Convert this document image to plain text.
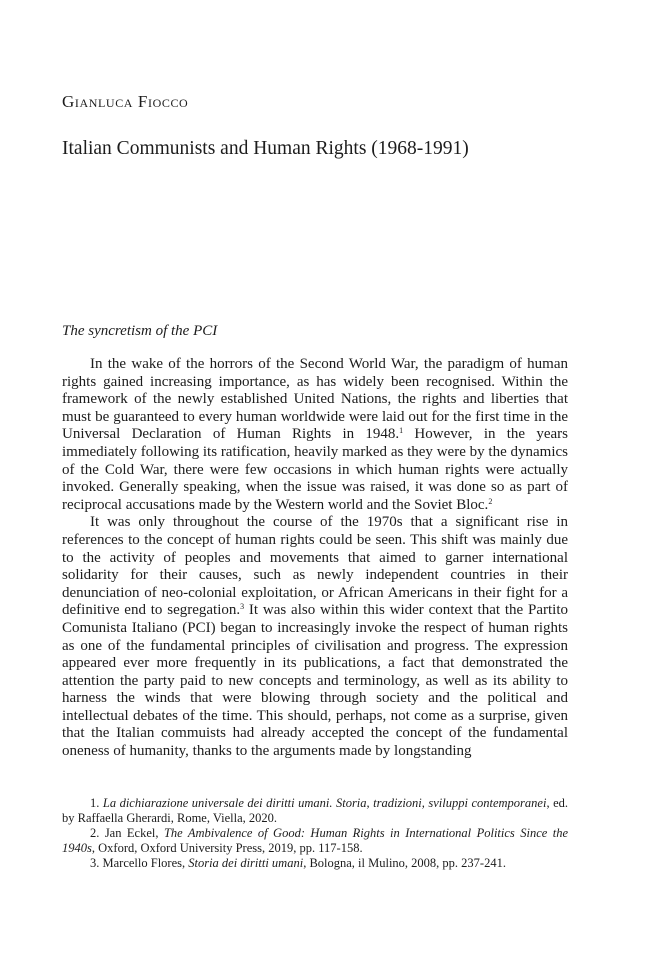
Gianluca Fiocco
Italian Communists and Human Rights (1968-1991)
The syncretism of the PCI

In the wake of the horrors of the Second World War, the paradigm of human rights gained increasing importance, as has widely been recognised. Within the framework of the newly established United Nations, the rights and liberties that must be guaranteed to every human worldwide were laid out for the first time in the Universal Declaration of Human Rights in 1948.$^1$ However, in the years immediately following its ratification, heavily marked as they were by the dynamics of the Cold War, there were few occasions in which human rights were actually invoked. Generally speaking, when the issue was raised, it was done so as part of reciprocal accusations made by the Western world and the Soviet Bloc.$^2$

It was only throughout the course of the 1970s that a significant rise in references to the concept of human rights could be seen. This shift was mainly due to the activity of peoples and movements that aimed to garner international solidarity for their causes, such as newly independent countries in their denunciation of neo-colonial exploitation, or African Americans in their fight for a definitive end to segregation.$^3$ It was also within this wider context that the Partito Comunista Italiano (PCI) began to increasingly invoke the respect of human rights as one of the fundamental principles of civilisation and progress. The expression appeared ever more frequently in its publications, a fact that demonstrated the attention the party paid to new concepts and terminology, as well as its ability to harness the winds that were blowing through society and the political and intellectual debates of the time. This should, perhaps, not come as a surprise, given that the Italian commuists had already accepted the concept of the fundamental oneness of humanity, thanks to the arguments made by longstanding

1. La dichiarazione universale dei diritti umani. Storia, tradizioni, sviluppi contemporanei, ed. by Raffaella Gherardi, Rome, Viella, 2020.

2. Jan Eckel, The Ambivalence of Good: Human Rights in International Politics Since the 1940s, Oxford, Oxford University Press, 2019, pp. 117-158.

3. Marcello Flores, Storia dei diritti umani, Bologna, il Mulino, 2008, pp. 237-241.
